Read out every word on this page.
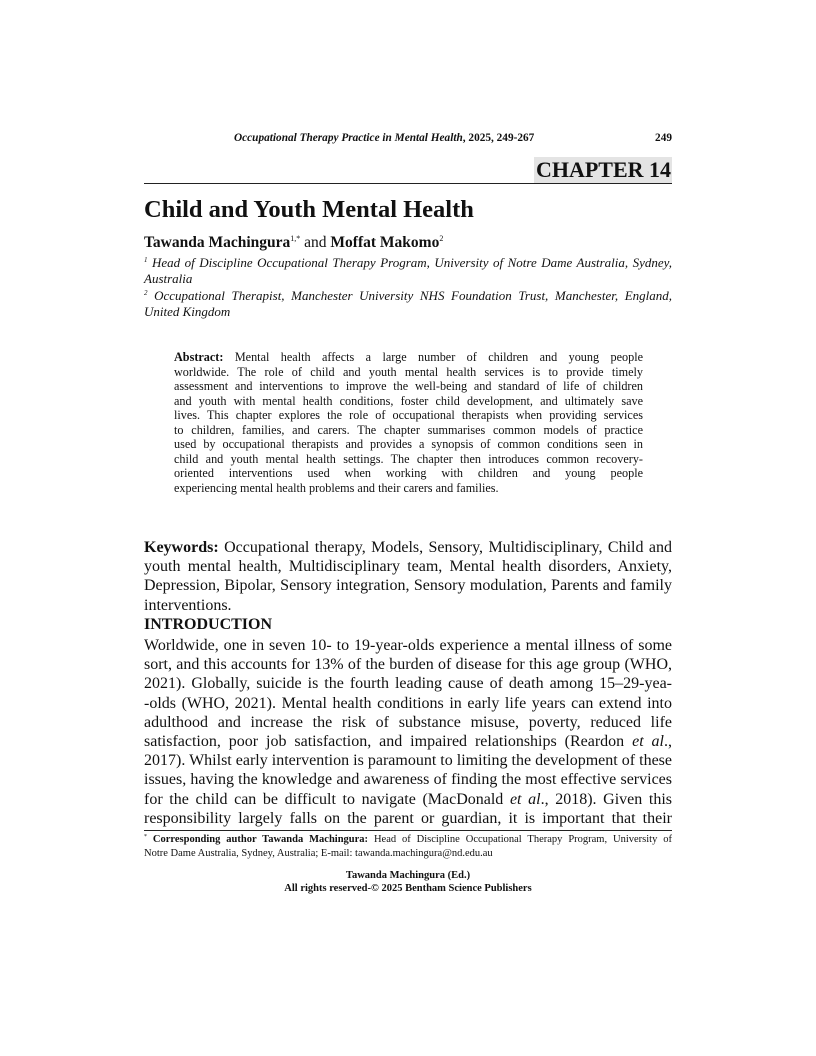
Occupational Therapy Practice in Mental Health, 2025, 249-267	249
CHAPTER 14
Child and Youth Mental Health
Tawanda Machingura$^{1,*}$ and Moffat Makomo$^2$
$^1$ Head of Discipline Occupational Therapy Program, University of Notre Dame Australia, Sydney,
Australia
$^2$ Occupational Therapist, Manchester University NHS Foundation Trust, Manchester, England,
United Kingdom
Abstract: Mental health affects a large number of children and young people
worldwide. The role of child and youth mental health services is to provide timely
assessment and interventions to improve the well-being and standard of life of children
and youth with mental health conditions, foster child development, and ultimately save
lives. This chapter explores the role of occupational therapists when providing services
to children, families, and carers. The chapter summarises common models of practice
used by occupational therapists and provides a synopsis of common conditions seen in
child and youth mental health settings. The chapter then introduces common recovery-
oriented interventions used when working with children and young people
experiencing mental health problems and their carers and families.
Keywords: Occupational therapy, Models, Sensory, Multidisciplinary, Child and
youth mental health, Multidisciplinary team, Mental health disorders, Anxiety,
Depression, Bipolar, Sensory integration, Sensory modulation, Parents and family
interventions.
INTRODUCTION
Worldwide, one in seven 10- to 19-year-olds experience a mental illness of some
sort, and this accounts for 13% of the burden of disease for this age group (WHO,
2021). Globally, suicide is the fourth leading cause of death among 15–29-yea-
-olds (WHO, 2021). Mental health conditions in early life years can extend into
adulthood and increase the risk of substance misuse, poverty, reduced life
satisfaction, poor job satisfaction, and impaired relationships (Reardon et al.,
2017). Whilst early intervention is paramount to limiting the development of these
issues, having the knowledge and awareness of finding the most effective services
for the child can be difficult to navigate (MacDonald et al., 2018). Given this
responsibility largely falls on the parent or guardian, it is important that their
* Corresponding author Tawanda Machingura: Head of Discipline Occupational Therapy Program, University of
Notre Dame Australia, Sydney, Australia; E-mail: tawanda.machingura@nd.edu.au
Tawanda Machingura (Ed.)
All rights reserved-© 2025 Bentham Science Publishers
